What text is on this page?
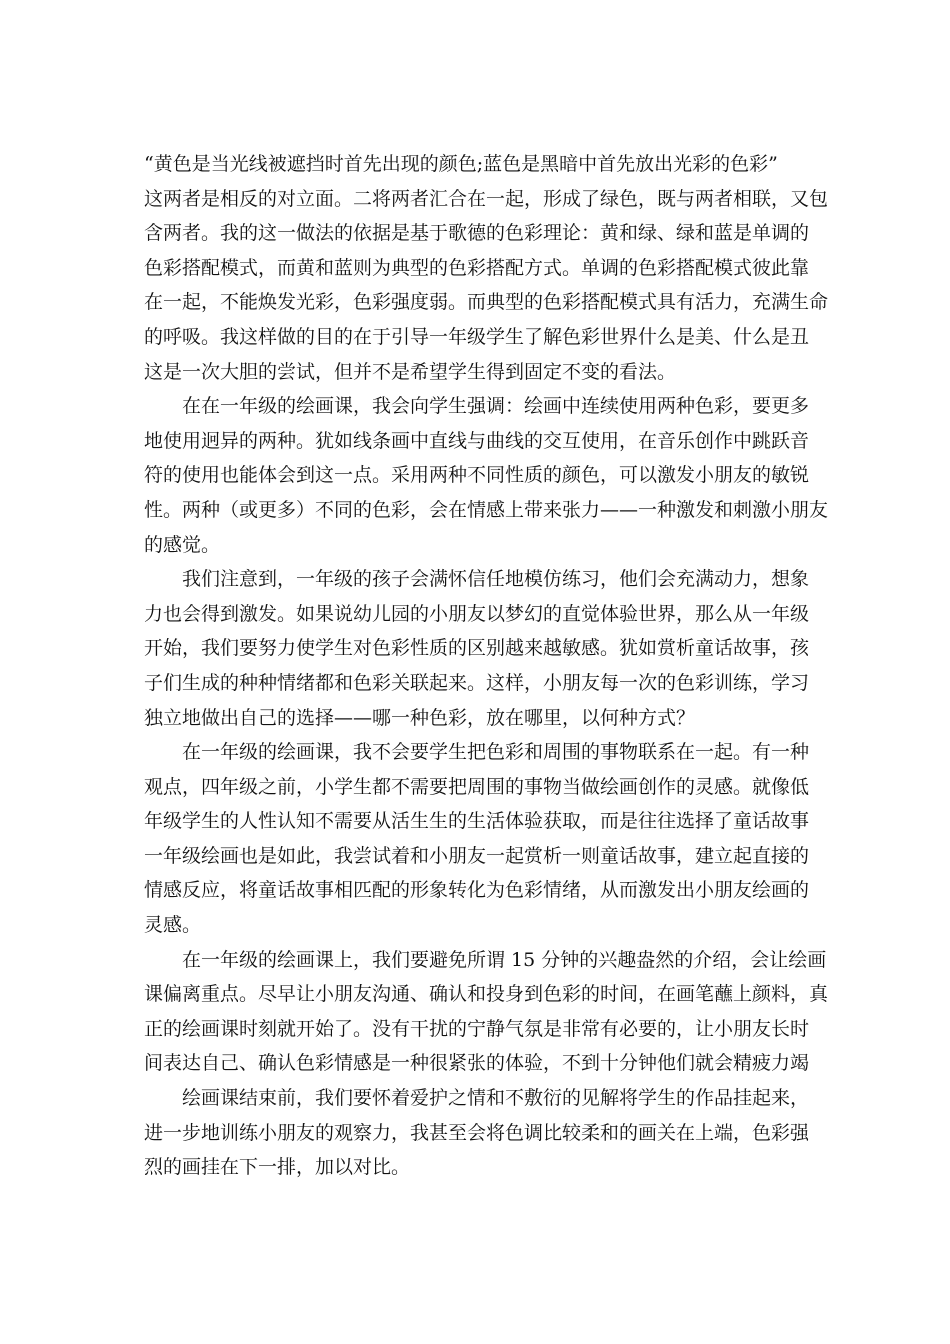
“黄色是当光线被遮挡时首先出现的颜色;蓝色是黑暗中首先放出光彩的色彩”
这两者是相反的对立面。二将两者汇合在一起，形成了绿色，既与两者相联，又包
含两者。我的这一做法的依据是基于歌德的色彩理论：黄和绿、绿和蓝是单调的
色彩搭配模式，而黄和蓝则为典型的色彩搭配方式。单调的色彩搭配模式彼此靠
在一起，不能焕发光彩，色彩强度弱。而典型的色彩搭配模式具有活力，充满生命
的呼吸。我这样做的目的在于引导一年级学生了解色彩世界什么是美、什么是丑
这是一次大胆的尝试，但并不是希望学生得到固定不变的看法。

在在一年级的绘画课，我会向学生强调：绘画中连续使用两种色彩，要更多
地使用迥异的两种。犹如线条画中直线与曲线的交互使用，在音乐创作中跳跃音
符的使用也能体会到这一点。采用两种不同性质的颜色，可以激发小朋友的敏锐
性。两种（或更多）不同的色彩，会在情感上带来张力——一种激发和刺激小朋友
的感觉。

我们注意到，一年级的孩子会满怀信任地模仿练习，他们会充满动力，想象
力也会得到激发。如果说幼儿园的小朋友以梦幻的直觉体验世界，那么从一年级
开始，我们要努力使学生对色彩性质的区别越来越敏感。犹如赏析童话故事，孩
子们生成的种种情绪都和色彩关联起来。这样，小朋友每一次的色彩训练，学习
独立地做出自己的选择——哪一种色彩，放在哪里，以何种方式？

在一年级的绘画课，我不会要学生把色彩和周围的事物联系在一起。有一种
观点，四年级之前，小学生都不需要把周围的事物当做绘画创作的灵感。就像低
年级学生的人性认知不需要从活生生的生活体验获取，而是往往选择了童话故事
一年级绘画也是如此，我尝试着和小朋友一起赏析一则童话故事，建立起直接的
情感反应，将童话故事相匹配的形象转化为色彩情绪，从而激发出小朋友绘画的
灵感。

在一年级的绘画课上，我们要避免所谓 15 分钟的兴趣盎然的介绍，会让绘画
课偏离重点。尽早让小朋友沟通、确认和投身到色彩的时间，在画笔蘸上颜料，真
正的绘画课时刻就开始了。没有干扰的宁静气氛是非常有必要的，让小朋友长时
间表达自己、确认色彩情感是一种很紧张的体验，不到十分钟他们就会精疲力竭

绘画课结束前，我们要怀着爱护之情和不敷衍的见解将学生的作品挂起来，
进一步地训练小朋友的观察力，我甚至会将色调比较柔和的画关在上端，色彩强
烈的画挂在下一排，加以对比。
